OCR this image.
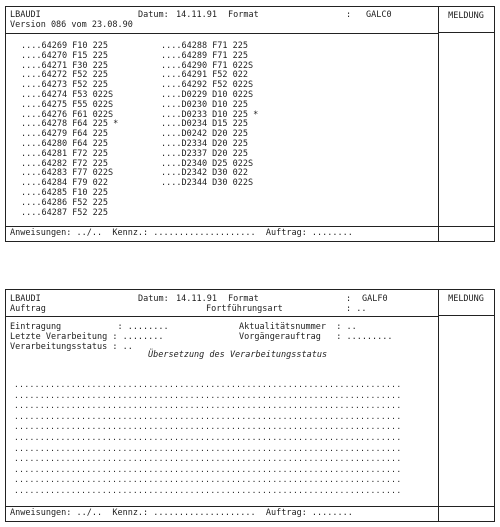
LBAUDI	Datum: 14.11.91 Format	: GALC0
Version 086 vom 23.08.90
....64269 F10 225
....64270 F15 225
....64271 F30 225
....64272 F52 225
....64273 F52 225
....64274 F53 022S
....64275 F55 022S
....64276 F61 022S
....64278 F64 225 *
....64279 F64 225
....64280 F64 225
....64281 F72 225
....64282 F72 225
....64283 F77 022S
....64284 F79 022
....64285 F10 225
....64286 F52 225
....64287 F52 225
....64288 F71 225
....64289 F71 225
....64290 F71 022S
....64291 F52 022
....64292 F52 022S
....D0229 D10 022S
....D0230 D10 225
....D0233 D10 225 *
....D0234 D15 225
....D0242 D20 225
....D2334 D20 225
....D2337 D20 225
....D2340 D25 022S
....D2342 D30 022
....D2344 D30 022S
Anweisungen: ../..  Kennz.: ....................  Auftrag: ........
MELDUNG
LBAUDI
Auftrag
Datum: 14.11.91 Format
Fortführungsart
: GALF0
: ..
Eintragung           : ........
Letzte Verarbeitung : ........
Verarbeitungsstatus : ..
Aktualitätsnummer  : ..
Vorgängerauftrag   : .........
Übersetzung des Verarbeitungsstatus
...........................................................................
...........................................................................
...........................................................................
...........................................................................
...........................................................................
...........................................................................
...........................................................................
...........................................................................
...........................................................................
...........................................................................
...........................................................................
Anweisungen: ../..  Kennz.: ....................  Auftrag: ........
MELDUNG
